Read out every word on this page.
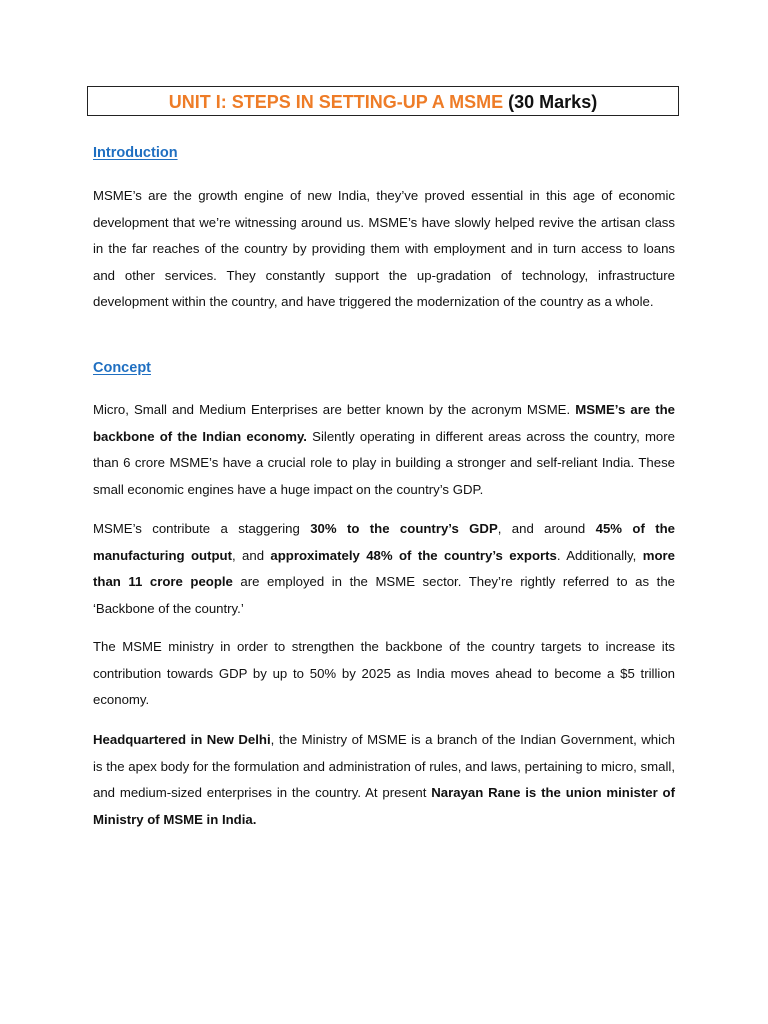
UNIT I: STEPS IN SETTING-UP A MSME (30 Marks)
Introduction

MSME’s are the growth engine of new India, they’ve proved essential in this age of economic development that we’re witnessing around us. MSME’s have slowly helped revive the artisan class in the far reaches of the country by providing them with employment and in turn access to loans and other services. They constantly support the up-gradation of technology, infrastructure development within the country, and have triggered the modernization of the country as a whole.

Concept

Micro, Small and Medium Enterprises are better known by the acronym MSME. MSME’s are the backbone of the Indian economy. Silently operating in different areas across the country, more than 6 crore MSME’s have a crucial role to play in building a stronger and self-reliant India. These small economic engines have a huge impact on the country’s GDP.

MSME’s contribute a staggering 30% to the country’s GDP, and around 45% of the manufacturing output, and approximately 48% of the country’s exports. Additionally, more than 11 crore people are employed in the MSME sector. They’re rightly referred to as the ‘Backbone of the country.’

The MSME ministry in order to strengthen the backbone of the country targets to increase its contribution towards GDP by up to 50% by 2025 as India moves ahead to become a $5 trillion economy.

Headquartered in New Delhi, the Ministry of MSME is a branch of the Indian Government, which is the apex body for the formulation and administration of rules, and laws, pertaining to micro, small, and medium-sized enterprises in the country. At present Narayan Rane is the union minister of Ministry of MSME in India.
